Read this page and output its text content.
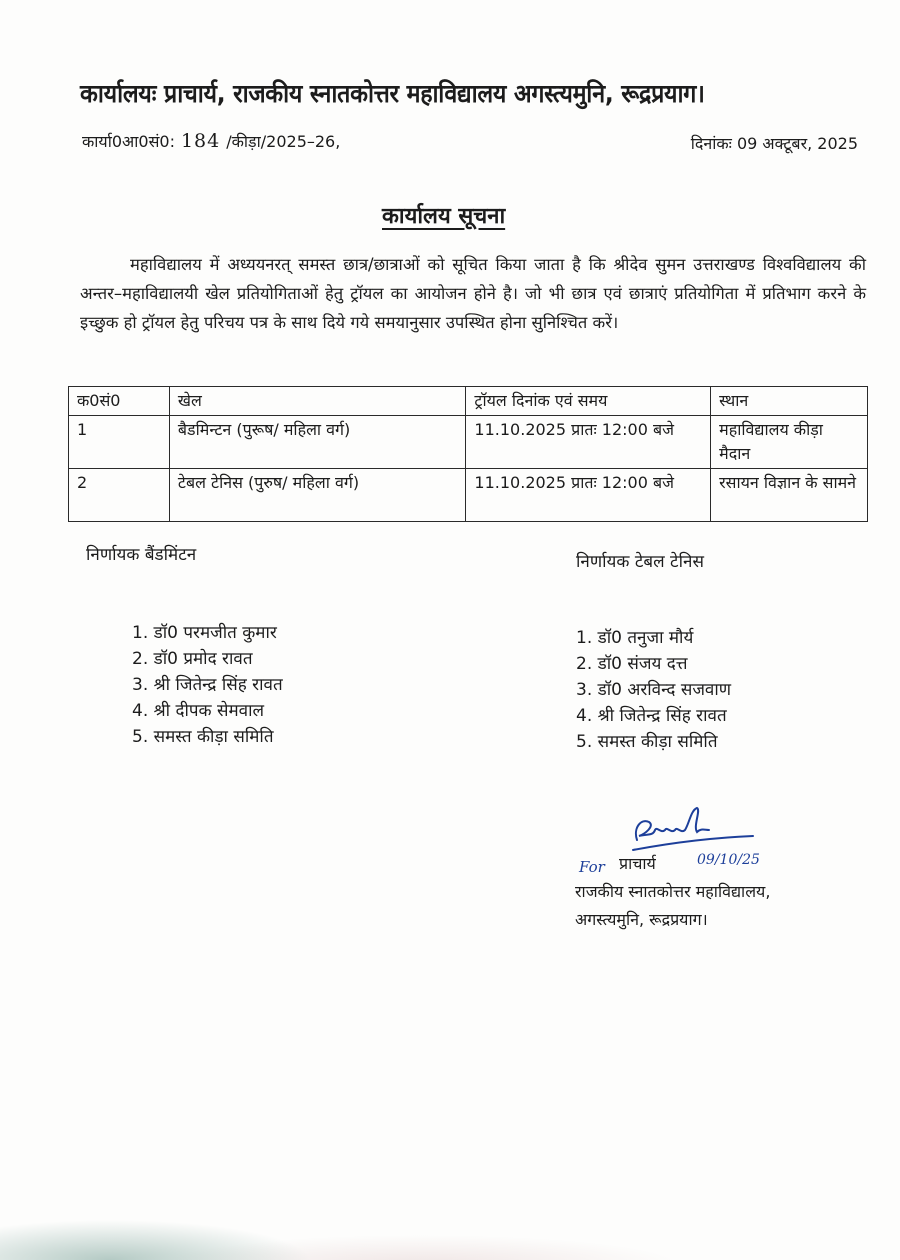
कार्यालयः प्राचार्य, राजकीय स्नातकोत्तर महाविद्यालय अगस्त्यमुनि, रूद्रप्रयाग।
कार्या0आ0सं0: 184 /कीड़ा/2025–26,	दिनांकः 09 अक्टूबर, 2025
कार्यालय सूचना
महाविद्यालय में अध्ययनरत् समस्त छात्र/छात्राओं को सूचित किया जाता है कि श्रीदेव सुमन उत्तराखण्ड विश्वविद्यालय की अन्तर–महाविद्यालयी खेल प्रतियोगिताओं हेतु ट्रॉयल का आयोजन होने है। जो भी छात्र एवं छात्राएं प्रतियोगिता में प्रतिभाग करने के इच्छुक हो ट्रॉयल हेतु परिचय पत्र के साथ दिये गये समयानुसार उपस्थित होना सुनिश्चित करें।
क0सं0	खेल	ट्रॉयल दिनांक एवं समय	स्थान
1	बैडमिन्टन (पुरूष/ महिला वर्ग)	11.10.2025 प्रातः 12:00 बजे	महाविद्यालय कीड़ा मैदान
2	टेबल टेनिस (पुरुष/ महिला वर्ग)	11.10.2025 प्रातः 12:00 बजे	रसायन विज्ञान के सामने
निर्णायक बैंडमिंटन
1. डॉ0 परमजीत कुमार
2. डॉ0 प्रमोद रावत
3. श्री जितेन्द्र सिंह रावत
4. श्री दीपक सेमवाल
5. समस्त कीड़ा समिति
निर्णायक टेबल टेनिस
1. डॉ0 तनुजा मौर्य
2. डॉ0 संजय दत्त
3. डॉ0 अरविन्द सजवाण
4. श्री जितेन्द्र सिंह रावत
5. समस्त कीड़ा समिति
09/10/25
For प्राचार्य
राजकीय स्नातकोत्तर महाविद्यालय,
अगस्त्यमुनि, रूद्रप्रयाग।
